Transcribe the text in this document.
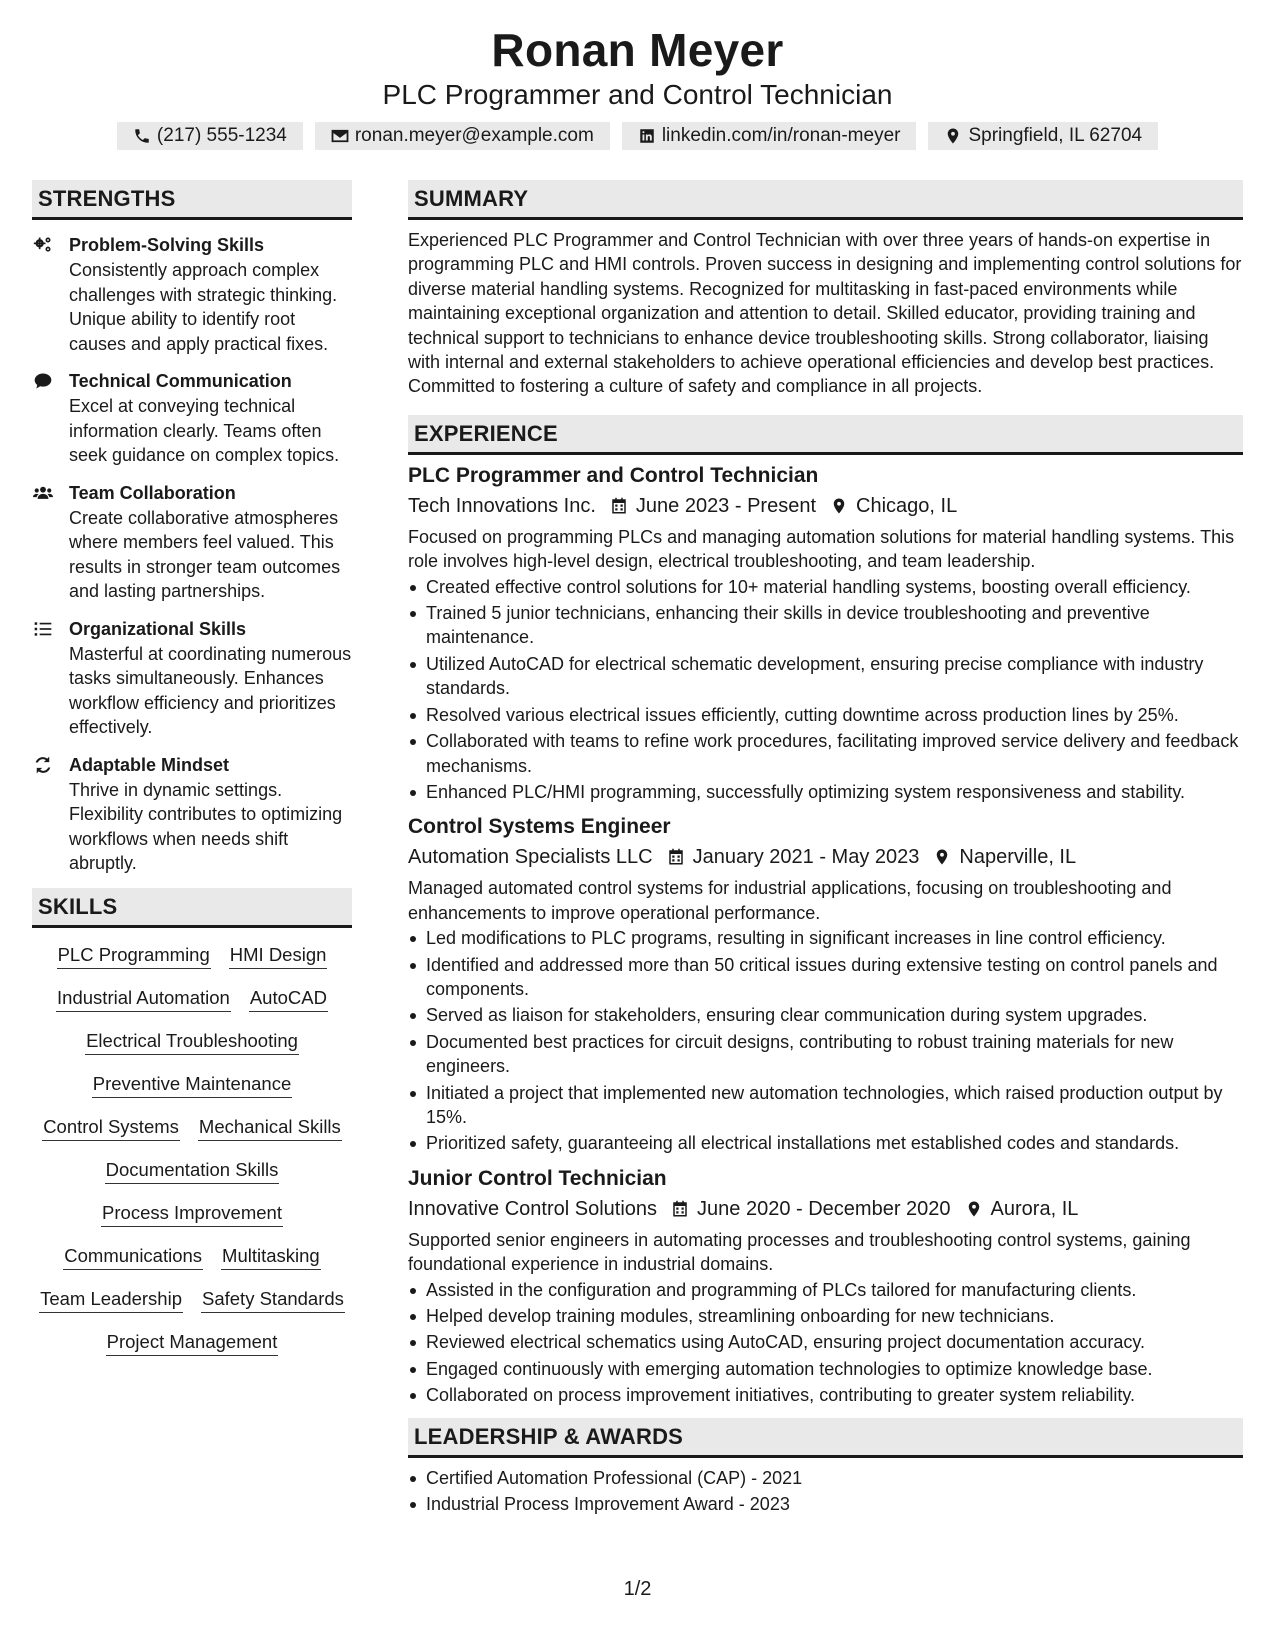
Ronan Meyer
PLC Programmer and Control Technician
(217) 555-1234	ronan.meyer@example.com	linkedin.com/in/ronan-meyer	Springfield, IL 62704
STRENGTHS
Problem-Solving Skills
Consistently approach complex challenges with strategic thinking. Unique ability to identify root causes and apply practical fixes.
Technical Communication
Excel at conveying technical information clearly. Teams often seek guidance on complex topics.
Team Collaboration
Create collaborative atmospheres where members feel valued. This results in stronger team outcomes and lasting partnerships.
Organizational Skills
Masterful at coordinating numerous tasks simultaneously. Enhances workflow efficiency and prioritizes effectively.
Adaptable Mindset
Thrive in dynamic settings. Flexibility contributes to optimizing workflows when needs shift abruptly.
SKILLS
PLC Programming HMI Design
Industrial Automation AutoCAD
Electrical Troubleshooting
Preventive Maintenance
Control Systems Mechanical Skills
Documentation Skills
Process Improvement
Communications Multitasking
Team Leadership Safety Standards
Project Management
SUMMARY
Experienced PLC Programmer and Control Technician with over three years of hands-on expertise in programming PLC and HMI controls. Proven success in designing and implementing control solutions for diverse material handling systems. Recognized for multitasking in fast-paced environments while maintaining exceptional organization and attention to detail. Skilled educator, providing training and technical support to technicians to enhance device troubleshooting skills. Strong collaborator, liaising with internal and external stakeholders to achieve operational efficiencies and develop best practices. Committed to fostering a culture of safety and compliance in all projects.
EXPERIENCE
PLC Programmer and Control Technician
Tech Innovations Inc. June 2023 - Present Chicago, IL
Focused on programming PLCs and managing automation solutions for material handling systems. This role involves high-level design, electrical troubleshooting, and team leadership.
Created effective control solutions for 10+ material handling systems, boosting overall efficiency.
Trained 5 junior technicians, enhancing their skills in device troubleshooting and preventive maintenance.
Utilized AutoCAD for electrical schematic development, ensuring precise compliance with industry standards.
Resolved various electrical issues efficiently, cutting downtime across production lines by 25%.
Collaborated with teams to refine work procedures, facilitating improved service delivery and feedback mechanisms.
Enhanced PLC/HMI programming, successfully optimizing system responsiveness and stability.
Control Systems Engineer
Automation Specialists LLC January 2021 - May 2023 Naperville, IL
Managed automated control systems for industrial applications, focusing on troubleshooting and enhancements to improve operational performance.
Led modifications to PLC programs, resulting in significant increases in line control efficiency.
Identified and addressed more than 50 critical issues during extensive testing on control panels and components.
Served as liaison for stakeholders, ensuring clear communication during system upgrades.
Documented best practices for circuit designs, contributing to robust training materials for new engineers.
Initiated a project that implemented new automation technologies, which raised production output by 15%.
Prioritized safety, guaranteeing all electrical installations met established codes and standards.
Junior Control Technician
Innovative Control Solutions June 2020 - December 2020 Aurora, IL
Supported senior engineers in automating processes and troubleshooting control systems, gaining foundational experience in industrial domains.
Assisted in the configuration and programming of PLCs tailored for manufacturing clients.
Helped develop training modules, streamlining onboarding for new technicians.
Reviewed electrical schematics using AutoCAD, ensuring project documentation accuracy.
Engaged continuously with emerging automation technologies to optimize knowledge base.
Collaborated on process improvement initiatives, contributing to greater system reliability.
LEADERSHIP & AWARDS
Certified Automation Professional (CAP) - 2021
Industrial Process Improvement Award - 2023
1/2
